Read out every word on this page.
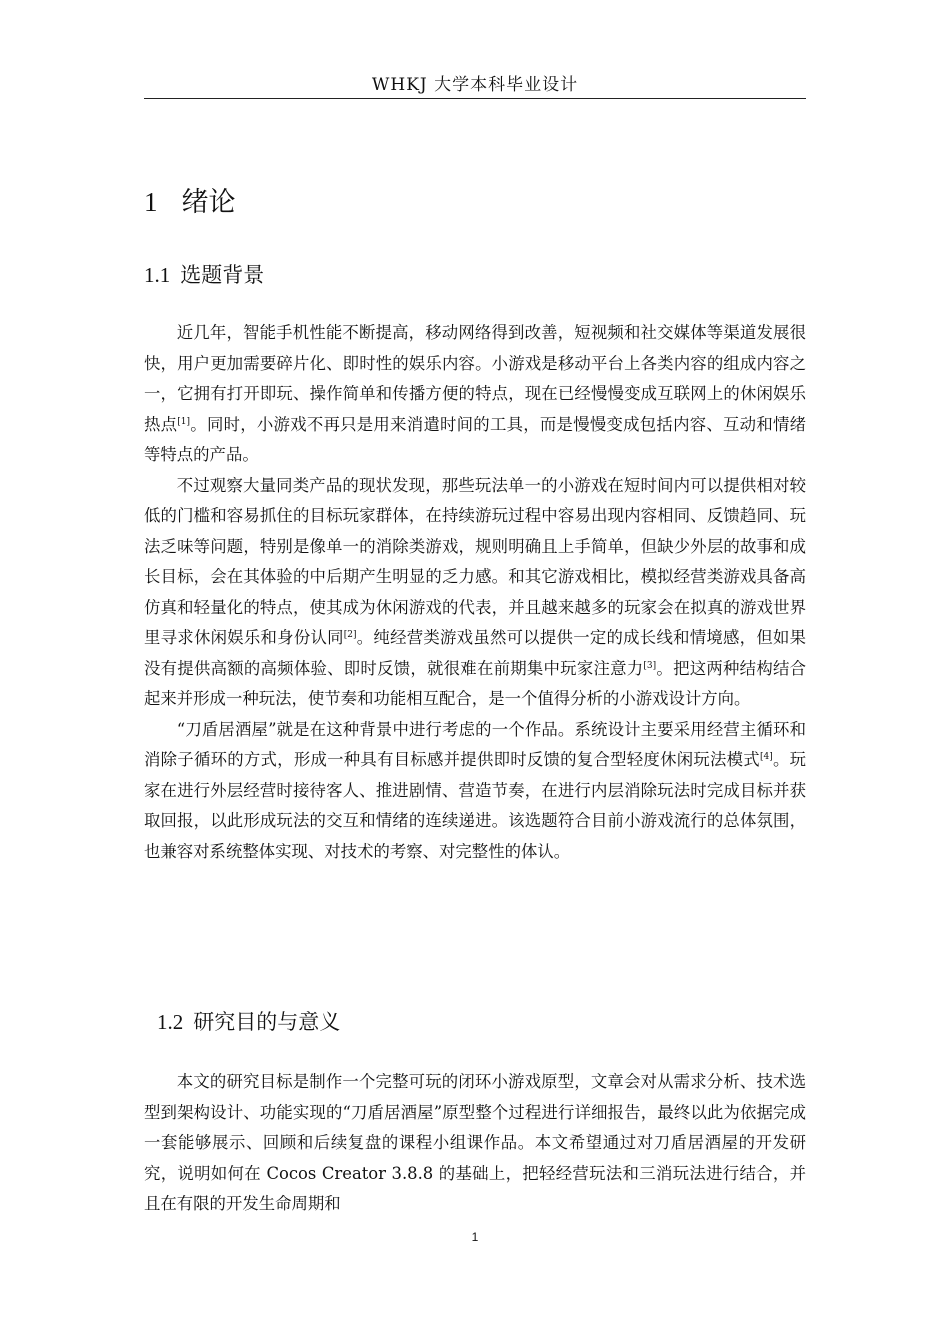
WHKJ 大学本科毕业设计
1 绪论
1.1 选题背景

近几年，智能手机性能不断提高，移动网络得到改善，短视频和社交媒体等渠道发展很快，用户更加需要碎片化、即时性的娱乐内容。小游戏是移动平台上各类内容的组成内容之一，它拥有打开即玩、操作简单和传播方便的特点，现在已经慢慢变成互联网上的休闲娱乐热点[1]。同时，小游戏不再只是用来消遣时间的工具，而是慢慢变成包括内容、互动和情绪等特点的产品。

不过观察大量同类产品的现状发现，那些玩法单一的小游戏在短时间内可以提供相对较低的门槛和容易抓住的目标玩家群体，在持续游玩过程中容易出现内容相同、反馈趋同、玩法乏味等问题，特别是像单一的消除类游戏，规则明确且上手简单，但缺少外层的故事和成长目标，会在其体验的中后期产生明显的乏力感。和其它游戏相比，模拟经营类游戏具备高仿真和轻量化的特点，使其成为休闲游戏的代表，并且越来越多的玩家会在拟真的游戏世界里寻求休闲娱乐和身份认同[2]。纯经营类游戏虽然可以提供一定的成长线和情境感，但如果没有提供高额的高频体验、即时反馈，就很难在前期集中玩家注意力[3]。把这两种结构结合起来并形成一种玩法，使节奏和功能相互配合，是一个值得分析的小游戏设计方向。

“刀盾居酒屋”就是在这种背景中进行考虑的一个作品。系统设计主要采用经营主循环和消除子循环的方式，形成一种具有目标感并提供即时反馈的复合型轻度休闲玩法模式[4]。玩家在进行外层经营时接待客人、推进剧情、营造节奏，在进行内层消除玩法时完成目标并获取回报，以此形成玩法的交互和情绪的连续递进。该选题符合目前小游戏流行的总体氛围，也兼容对系统整体实现、对技术的考察、对完整性的体认。

1.2 研究目的与意义

本文的研究目标是制作一个完整可玩的闭环小游戏原型，文章会对从需求分析、技术选型到架构设计、功能实现的“刀盾居酒屋”原型整个过程进行详细报告，最终以此为依据完成一套能够展示、回顾和后续复盘的课程小组课作品。本文希望通过对刀盾居酒屋的开发研究，说明如何在 Cocos Creator 3.8.8 的基础上，把轻经营玩法和三消玩法进行结合，并且在有限的开发生命周期和

1
